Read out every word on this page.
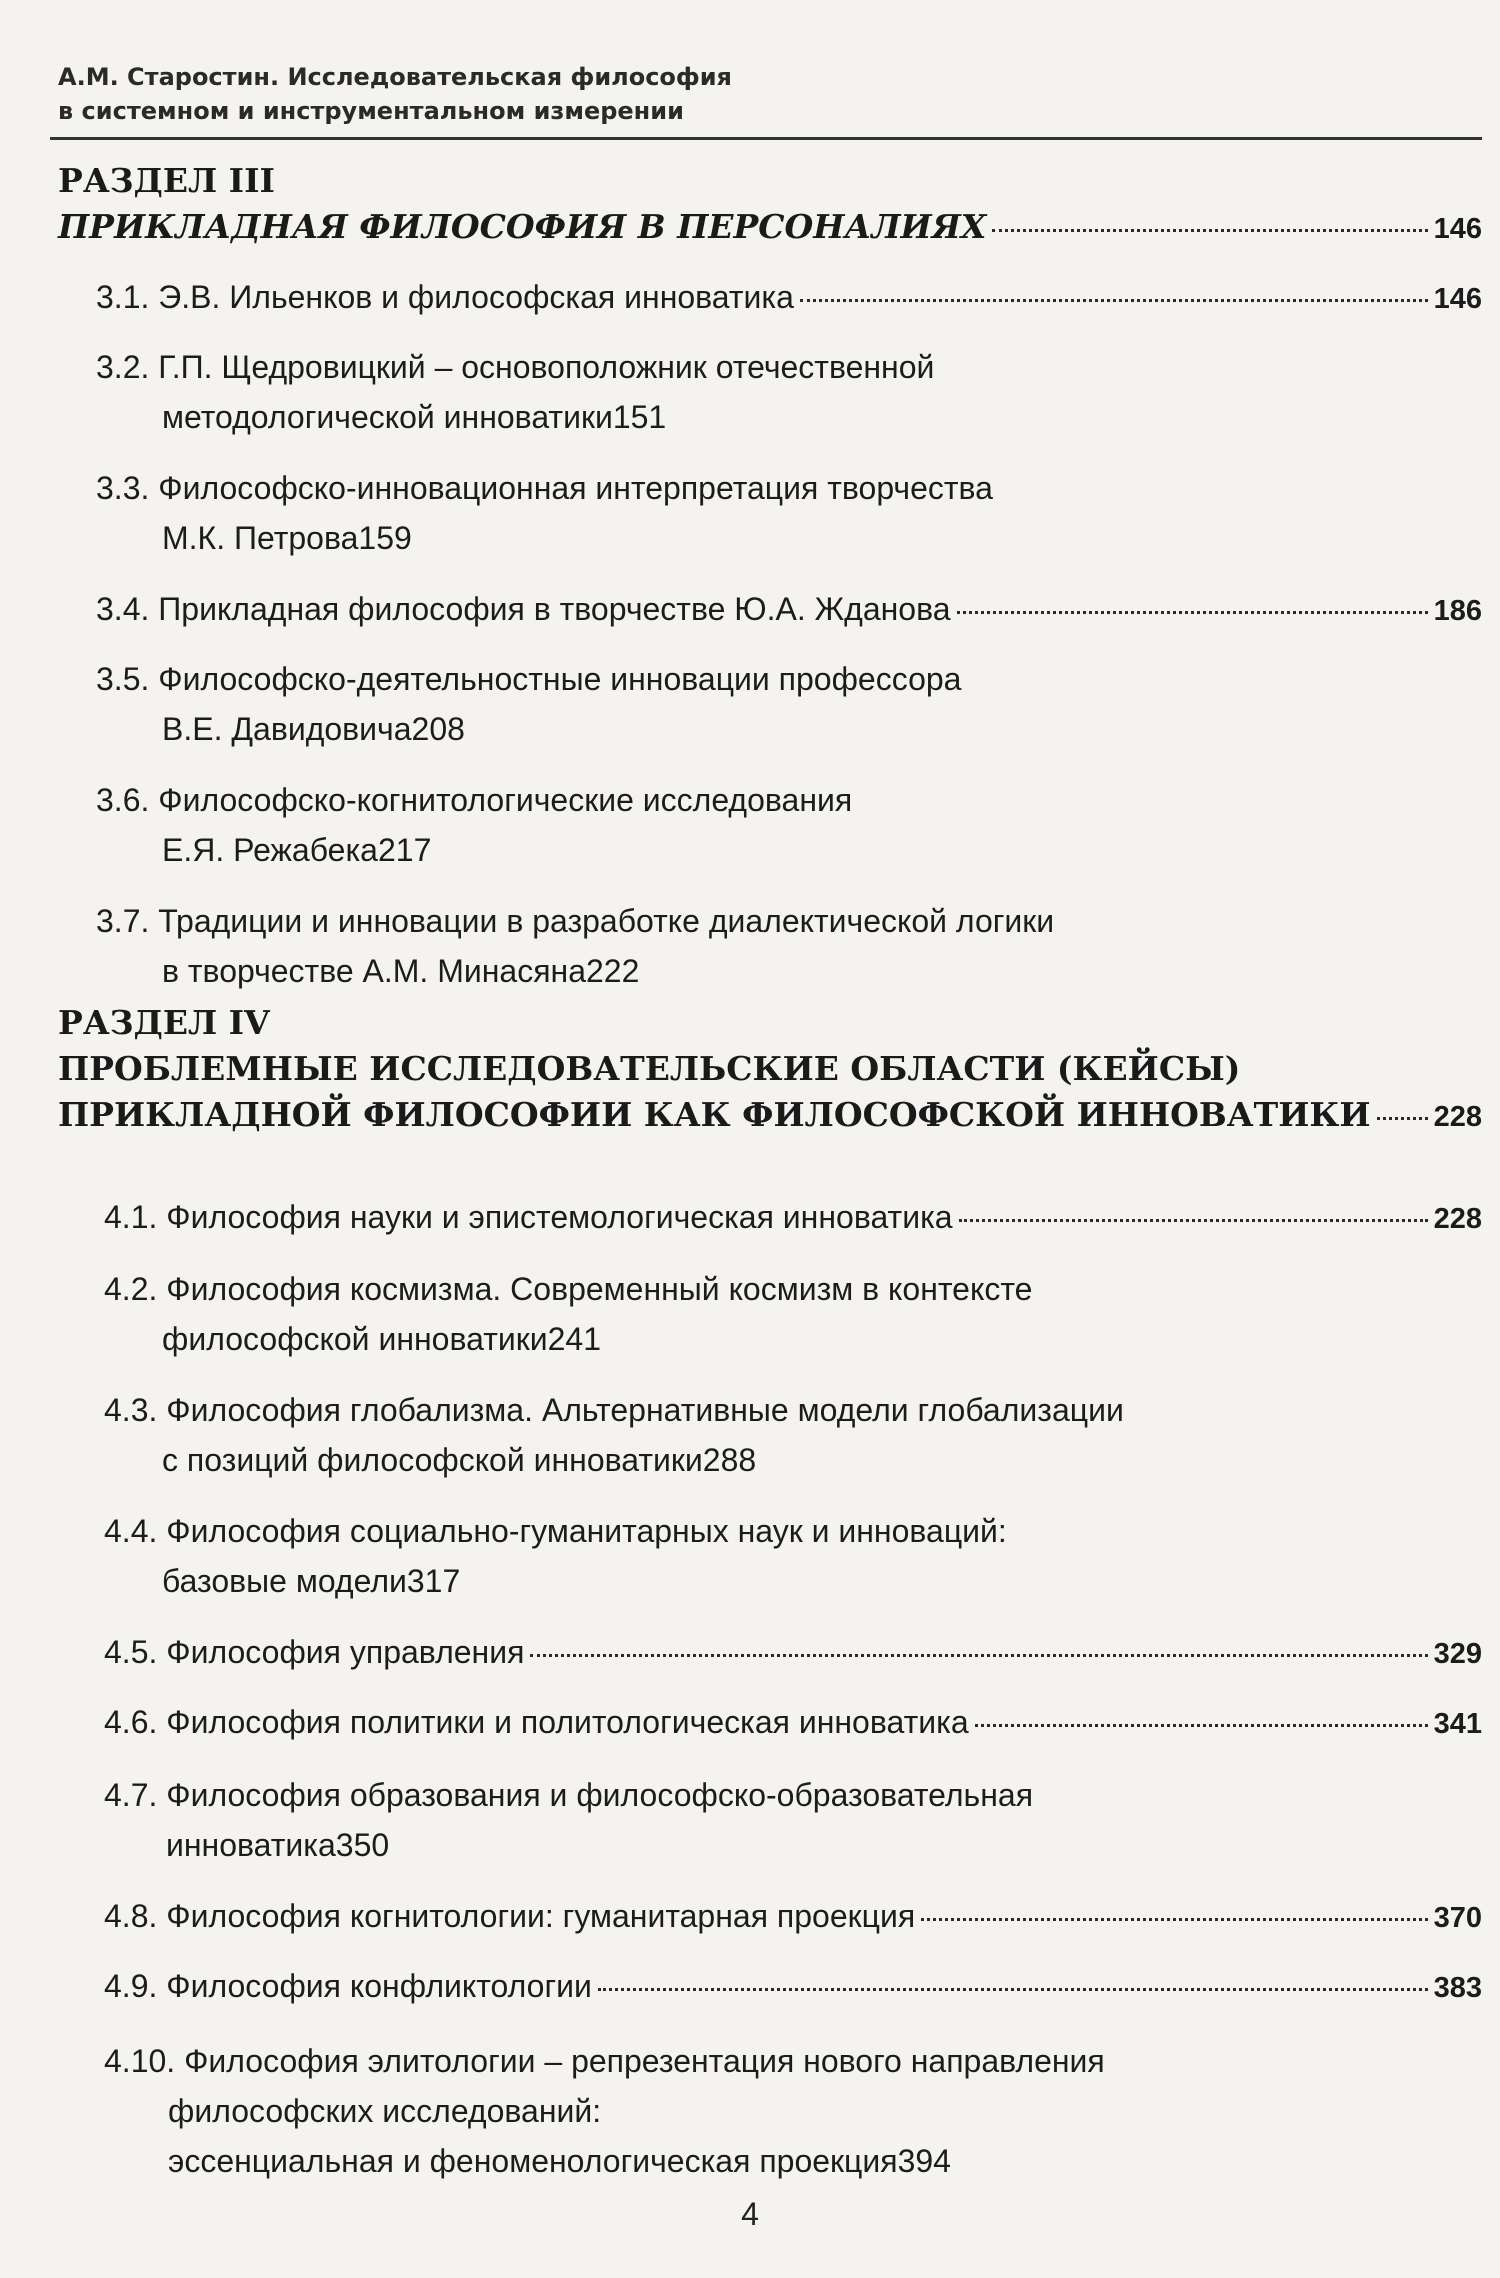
А.М. Старостин. Исследовательская философия
в системном и инструментальном измерении
РАЗДЕЛ III
ПРИКЛАДНАЯ ФИЛОСОФИЯ В ПЕРСОНАЛИЯХ	146
3.1. Э.В. Ильенков и философская инноватика	146
3.2. Г.П. Щедровицкий – основоположник отечественной
методологической инноватики 151
3.3. Философско-инновационная интерпретация творчества
М.К. Петрова 159
3.4. Прикладная философия в творчестве Ю.А. Жданова	186
3.5. Философско-деятельностные инновации профессора
В.Е. Давидовича 208
3.6. Философско-когнитологические исследования
Е.Я. Режабека 217
3.7. Традиции и инновации в разработке диалектической логики
в творчестве А.М. Минасяна 222
РАЗДЕЛ IV
ПРОБЛЕМНЫЕ ИССЛЕДОВАТЕЛЬСКИЕ ОБЛАСТИ (КЕЙСЫ)
ПРИКЛАДНОЙ ФИЛОСОФИИ КАК ФИЛОСОФСКОЙ ИННОВАТИКИ 228
4.1. Философия науки и эпистемологическая инноватика	228
4.2. Философия космизма. Современный космизм в контексте
философской инноватики 241
4.3. Философия глобализма. Альтернативные модели глобализации
с позиций философской инноватики 288
4.4. Философия социально-гуманитарных наук и инноваций:
базовые модели 317
4.5. Философия управления	329
4.6. Философия политики и политологическая инноватика	341
4.7. Философия образования и философско-образовательная
инноватика 350
4.8. Философия когнитологии: гуманитарная проекция	370
4.9. Философия конфликтологии	383
4.10. Философия элитологии – репрезентация нового направления
философских исследований:
эссенциальная и феноменологическая проекция 394
4
